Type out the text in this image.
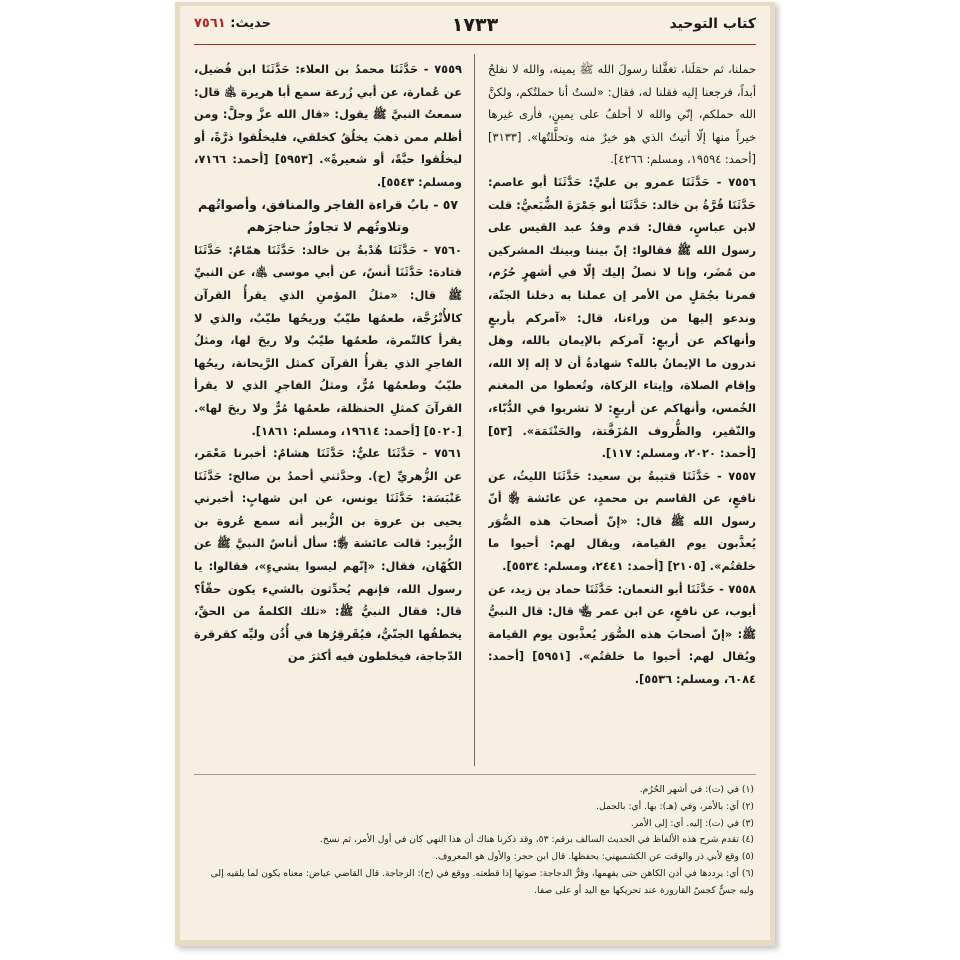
كتاب التوحيد
١٧٣٣
حديث: ٧٥٦١

حملنا، ثم حمَلَنا، تغفَّلنا رسولَ الله ﷺ يمينه، والله لا نفلحُ أبداً، فرجعنا إليه فقلنا له، فقال: «لستُ أنا حملتُكم، ولكنَّ الله حملكم، إنّي والله لا أحلفُ على يمينٍ، فأرى غيرها خيراً منها إلّا أتيتُ الذي هو خيرٌ منه وتحلَّلتُها». [٣١٣٣] [أحمد: ١٩٥٩٤، ومسلم: ٤٢٦٦].

٧٥٥٦ - حَدَّثَنَا عمرو بن عليٍّ: حَدَّثَنَا أبو عاصم: حَدَّثَنَا قُرَّةُ بن خالد: حَدَّثَنَا أبو جَمْرَةَ الضُّبَعيُّ: قلت لابن عباسٍ، فقال: قدم وفدُ عبد القيس على رسول الله ﷺ فقالوا: إنّ بيننا وبينك المشركين من مُضَر، وإنا لا نصلُ إليك إلّا في أشهرٍ حُرُم، فمرنا بجُمَلٍ من الأمر إن عملنا به دخلنا الجنّة، وندعو إليها من وراءنا، قال: «آمركم بأربعٍ وأنهاكم عن أربعٍ: آمركم بالإيمان بالله، وهل تدرون ما الإيمانُ بالله؟ شهادةُ أن لا إله إلا الله، وإقام الصلاة، وإيتاء الزكاة، وتُعطوا من المغنم الخُمس، وأنهاكم عن أربعٍ: لا تشربوا في الدُّبّاء، والنّقير، والظُّروف المُزَفَّتة، والحَنْتَمَة». [٥٣] [أحمد: ٢٠٢٠، ومسلم: ١١٧].

٧٥٥٧ - حَدَّثَنَا قتيبةُ بن سعيد: حَدَّثَنَا الليثُ، عن نافعٍ، عن القاسم بن محمدٍ، عن عائشة ﵂ أنّ رسول الله ﷺ قال: «إنّ أصحابَ هذه الصُّوَر يُعذَّبون يوم القيامة، ويقال لهم: أحيوا ما خلقتُم». [٢١٠٥] [أحمد: ٢٤٤١، ومسلم: ٥٥٣٤].

٧٥٥٨ - حَدَّثَنَا أبو النعمان: حَدَّثَنَا حماد بن زيد، عن أيوب، عن نافعٍ، عن ابن عمر ﵄ قال: قال النبيُّ ﷺ: «إنّ أصحابَ هذه الصُّوَر يُعذَّبون يوم القيامة ويُقال لهم: أحيوا ما خلقتُم». [٥٩٥١] [أحمد: ٦٠٨٤، ومسلم: ٥٥٣٦].

٧٥٥٩ - حَدَّثَنَا محمدُ بن العلاء: حَدَّثَنَا ابن فُضيل، عن عُمارة، عن أبي زُرعة سمع أبا هريرة ﵁ قال: سمعتُ النبيَّ ﷺ يقول: «قال الله عزَّ وجلَّ: ومن أظلم ممن ذهبَ يخلُقُ كخلقي، فليخلُقوا ذرَّةً، أو ليخلُقوا حبَّةً، أو شعيرةً». [٥٩٥٣] [أحمد: ٧١٦٦، ومسلم: ٥٥٤٣].

٥٧ - بابُ قراءة الفاجر والمنافق، وأصواتُهم وتلاوتُهم لا تجاوزُ حناجرَهم

٧٥٦٠ - حَدَّثَنَا هُدْبةُ بن خالد: حَدَّثَنَا همّامٌ: حَدَّثَنَا قتادة: حَدَّثَنَا أنسٌ، عن أبي موسى ﵁، عن النبيِّ ﷺ قال: «مثلُ المؤمنِ الذي يقرأُ القرآن كالأُتْرُجَّة، طعمُها طيّبٌ وريحُها طيّبٌ، والذي لا يقرأ كالتّمرة، طعمُها طيّبٌ ولا ريحَ لها، ومثلُ الفاجرِ الذي يقرأُ القرآن كمثل الرَّيحانة، ريحُها طيّبٌ وطعمُها مُرٌّ، ومثلُ الفاجرِ الذي لا يقرأ القرآنَ كمثلِ الحنظلة، طعمُها مُرٌّ ولا ريحَ لها». [٥٠٢٠] [أحمد: ١٩٦١٤، ومسلم: ١٨٦١].

٧٥٦١ - حَدَّثَنَا عليٌّ: حَدَّثَنَا هشامٌ: أخبرنا مَعْمَر، عن الزُّهريِّ (ح). وحدَّثني أحمدُ بن صالح: حَدَّثَنَا عَنْبَسَة: حَدَّثَنَا يونس، عن ابن شهابٍ: أخبرني يحيى بن عروة بن الزُّبير أنه سمع عُروة بن الزُّبير: قالت عائشة ﵂: سأل أناسٌ النبيَّ ﷺ عن الكُهّان، فقال: «إنّهم ليسوا بشيءٍ»، فقالوا: يا رسول الله، فإنهم يُحدِّثون بالشيء يكون حقّاً؟ قال: فقال النبيُّ ﷺ: «تلك الكلمةُ من الحقِّ، يخطفُها الجنّيُّ، فيُقَرقِرُها في أُذُن وليِّه كقرقرة الدّجاجة، فيخلطون فيه أكثرَ من

(١) في (ت): في أشهر الحُرُم.

(٢) أي: بالأمر، وفي (هـ): بها. أي: بالجمل.

(٣) في (ت): إليه. أي: إلى الأمر.

(٤) تقدم شرح هذه الألفاظ في الحديث السالف برقم: ٥٣، وقد ذكرنا هناك أن هذا النهي كان في أول الأمر، ثم نسخ.

(٥) وقع لأبي ذر والوقت عن الكشميهني: يحفظها. قال ابن حجر: والأول هو المعروف.

(٦) أي: يرددها في أذن الكاهن حتى يفهمها، وقرُّ الدجاجة: صوتها إذا قطعته. ووقع في (ح): الزجاجة. قال القاضي عياض: معناه يكون لما يلقيه إلى وليه جسٌّ كجسّ القارورة عند تحريكها مع اليد أو على صفا.
